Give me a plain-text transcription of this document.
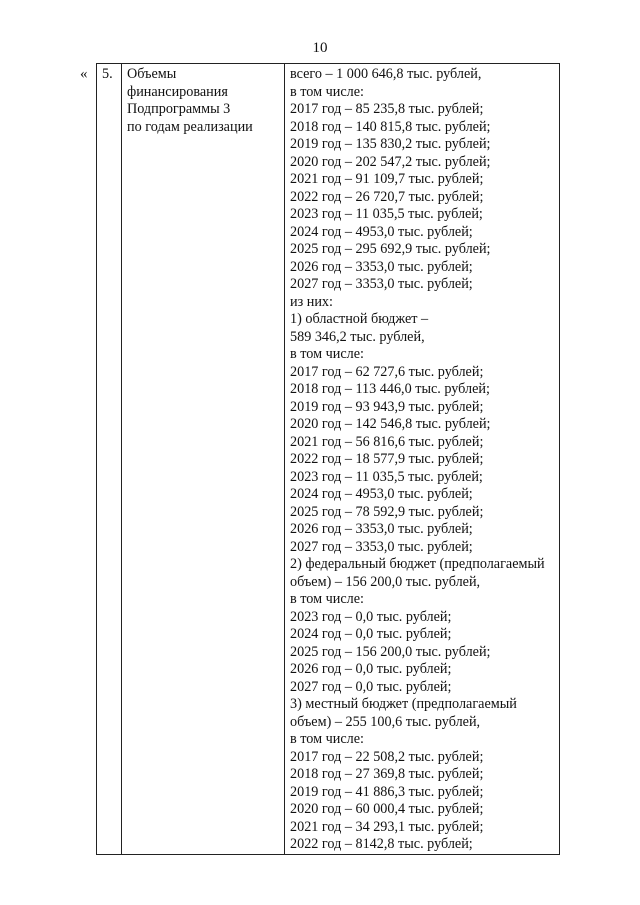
10
« 5.	Объемы
финансирования
Подпрограммы 3
по годам реализации

всего – 1 000 646,8 тыс. рублей,
в том числе:
2017 год – 85 235,8 тыс. рублей;
2018 год – 140 815,8 тыс. рублей;
2019 год – 135 830,2 тыс. рублей;
2020 год – 202 547,2 тыс. рублей;
2021 год – 91 109,7 тыс. рублей;
2022 год – 26 720,7 тыс. рублей;
2023 год – 11 035,5 тыс. рублей;
2024 год – 4953,0 тыс. рублей;
2025 год – 295 692,9 тыс. рублей;
2026 год – 3353,0 тыс. рублей;
2027 год – 3353,0 тыс. рублей;
из них:
1) областной бюджет –
589 346,2 тыс. рублей,
в том числе:
2017 год – 62 727,6 тыс. рублей;
2018 год – 113 446,0 тыс. рублей;
2019 год – 93 943,9 тыс. рублей;
2020 год – 142 546,8 тыс. рублей;
2021 год – 56 816,6 тыс. рублей;
2022 год – 18 577,9 тыс. рублей;
2023 год – 11 035,5 тыс. рублей;
2024 год – 4953,0 тыс. рублей;
2025 год – 78 592,9 тыс. рублей;
2026 год – 3353,0 тыс. рублей;
2027 год – 3353,0 тыс. рублей;
2) федеральный бюджет (предполагаемый
объем) – 156 200,0 тыс. рублей,
в том числе:
2023 год – 0,0 тыс. рублей;
2024 год – 0,0 тыс. рублей;
2025 год – 156 200,0 тыс. рублей;
2026 год – 0,0 тыс. рублей;
2027 год – 0,0 тыс. рублей;
3) местный бюджет (предполагаемый
объем) – 255 100,6 тыс. рублей,
в том числе:
2017 год – 22 508,2 тыс. рублей;
2018 год – 27 369,8 тыс. рублей;
2019 год – 41 886,3 тыс. рублей;
2020 год – 60 000,4 тыс. рублей;
2021 год – 34 293,1 тыс. рублей;
2022 год – 8142,8 тыс. рублей;
